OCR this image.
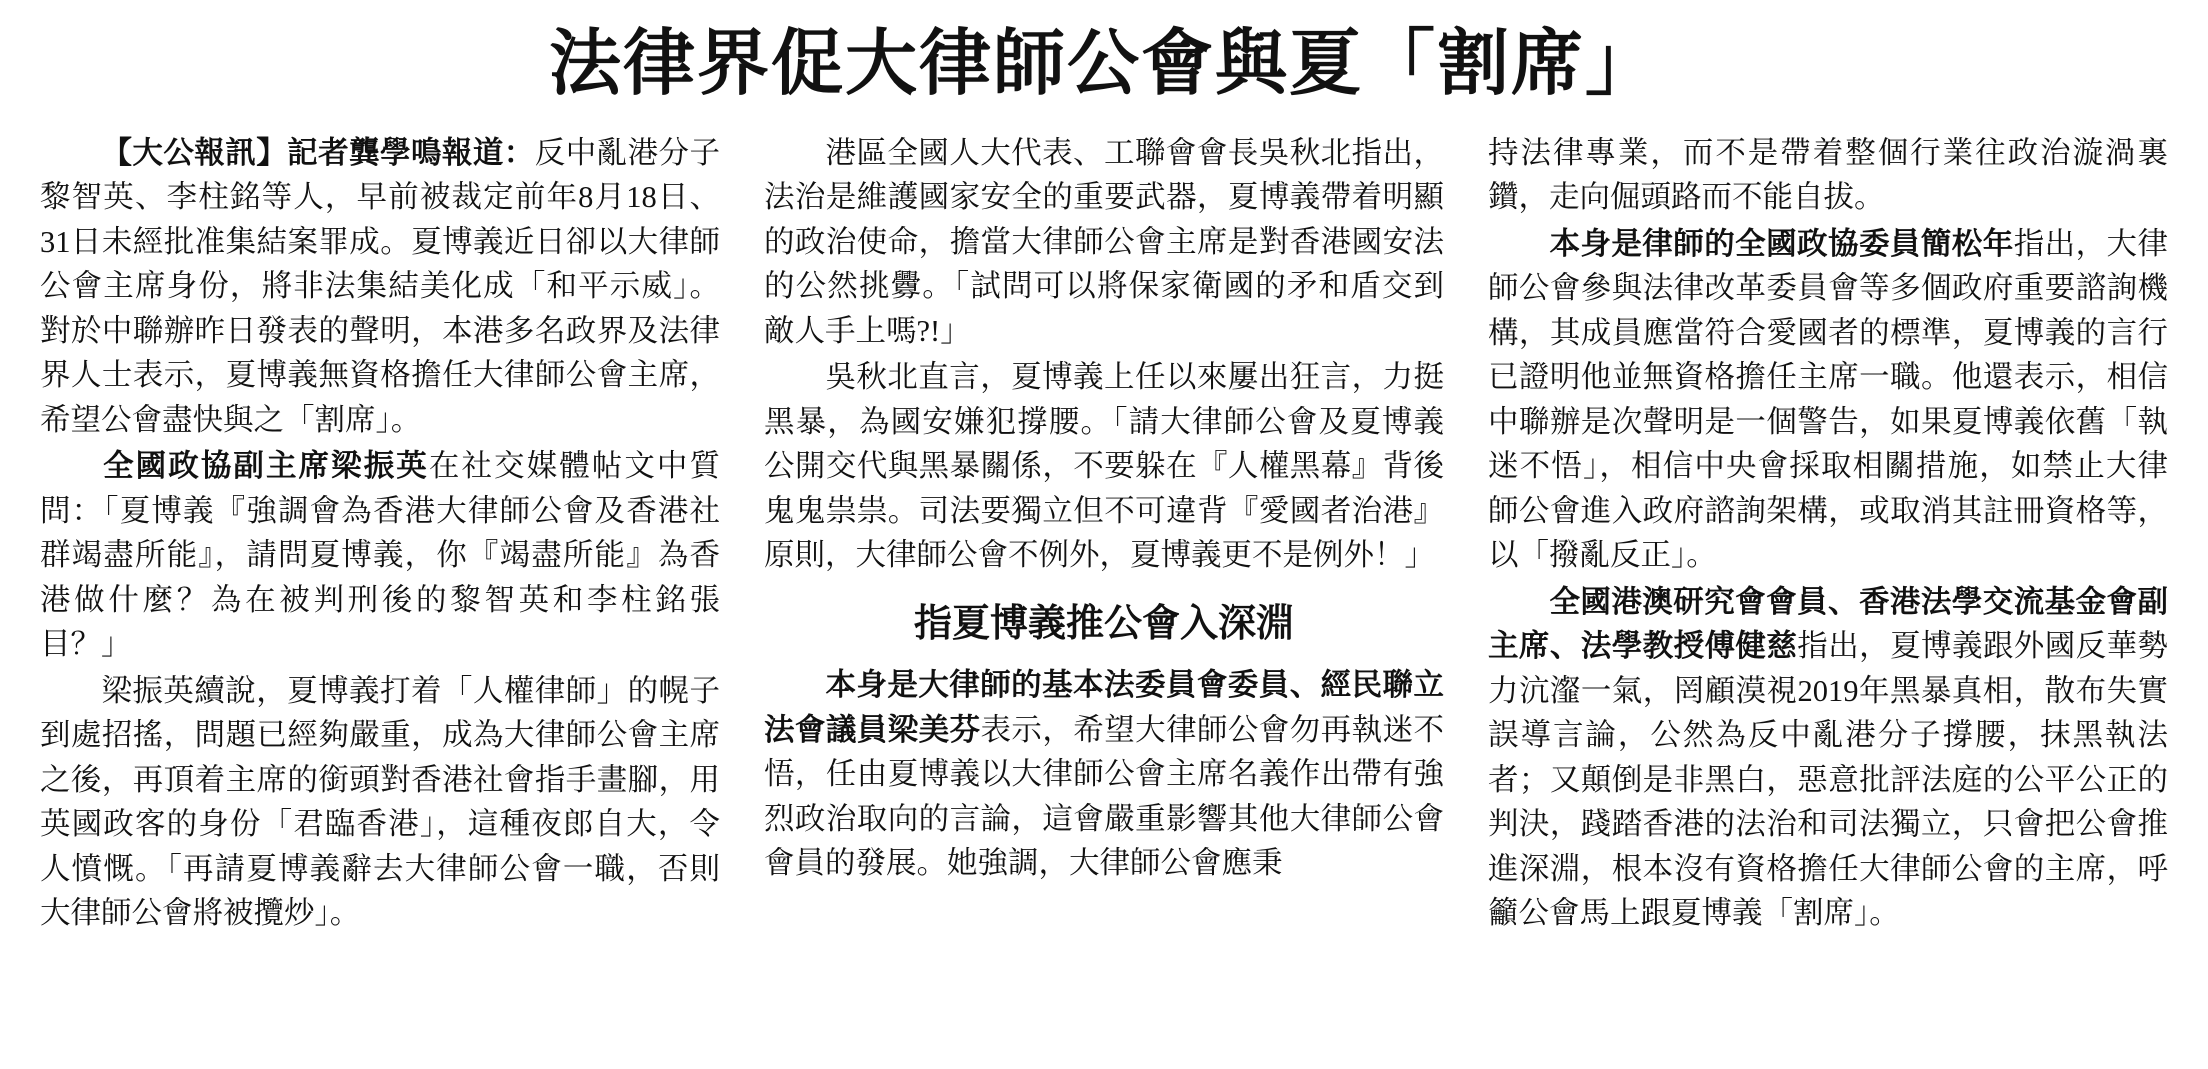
法律界促大律師公會與夏「割席」

【大公報訊】記者龔學鳴報道：反中亂港分子黎智英、李柱銘等人，早前被裁定前年8月18日、31日未經批准集結案罪成。夏博義近日卻以大律師公會主席身份，將非法集結美化成「和平示威」。對於中聯辦昨日發表的聲明，本港多名政界及法律界人士表示，夏博義無資格擔任大律師公會主席，希望公會盡快與之「割席」。

全國政協副主席梁振英在社交媒體帖文中質問：「夏博義『強調會為香港大律師公會及香港社群竭盡所能』，請問夏博義，你『竭盡所能』為香港做什麼？為在被判刑後的黎智英和李柱銘張目？」

梁振英續說，夏博義打着「人權律師」的幌子到處招搖，問題已經夠嚴重，成為大律師公會主席之後，再頂着主席的銜頭對香港社會指手畫腳，用英國政客的身份「君臨香港」，這種夜郎自大，令人憤慨。「再請夏博義辭去大律師公會一職，否則大律師公會將被攬炒」。

港區全國人大代表、工聯會會長吳秋北指出，法治是維護國家安全的重要武器，夏博義帶着明顯的政治使命，擔當大律師公會主席是對香港國安法的公然挑釁。「試問可以將保家衛國的矛和盾交到敵人手上嗎?!」

吳秋北直言，夏博義上任以來屢出狂言，力挺黑暴，為國安嫌犯撐腰。「請大律師公會及夏博義公開交代與黑暴關係，不要躲在『人權黑幕』背後鬼鬼祟祟。司法要獨立但不可違背『愛國者治港』原則，大律師公會不例外，夏博義更不是例外！」

指夏博義推公會入深淵

本身是大律師的基本法委員會委員、經民聯立法會議員梁美芬表示，希望大律師公會勿再執迷不悟，任由夏博義以大律師公會主席名義作出帶有強烈政治取向的言論，這會嚴重影響其他大律師公會會員的發展。她強調，大律師公會應秉

持法律專業，而不是帶着整個行業往政治漩渦裏鑽，走向倔頭路而不能自拔。

本身是律師的全國政協委員簡松年指出，大律師公會參與法律改革委員會等多個政府重要諮詢機構，其成員應當符合愛國者的標準，夏博義的言行已證明他並無資格擔任主席一職。他還表示，相信中聯辦是次聲明是一個警告，如果夏博義依舊「執迷不悟」，相信中央會採取相關措施，如禁止大律師公會進入政府諮詢架構，或取消其註冊資格等，以「撥亂反正」。

全國港澳研究會會員、香港法學交流基金會副主席、法學教授傅健慈指出，夏博義跟外國反華勢力沆瀣一氣，罔顧漠視2019年黑暴真相，散布失實誤導言論，公然為反中亂港分子撐腰，抹黑執法者；又顛倒是非黑白，惡意批評法庭的公平公正的判決，踐踏香港的法治和司法獨立，只會把公會推進深淵，根本沒有資格擔任大律師公會的主席，呼籲公會馬上跟夏博義「割席」。
